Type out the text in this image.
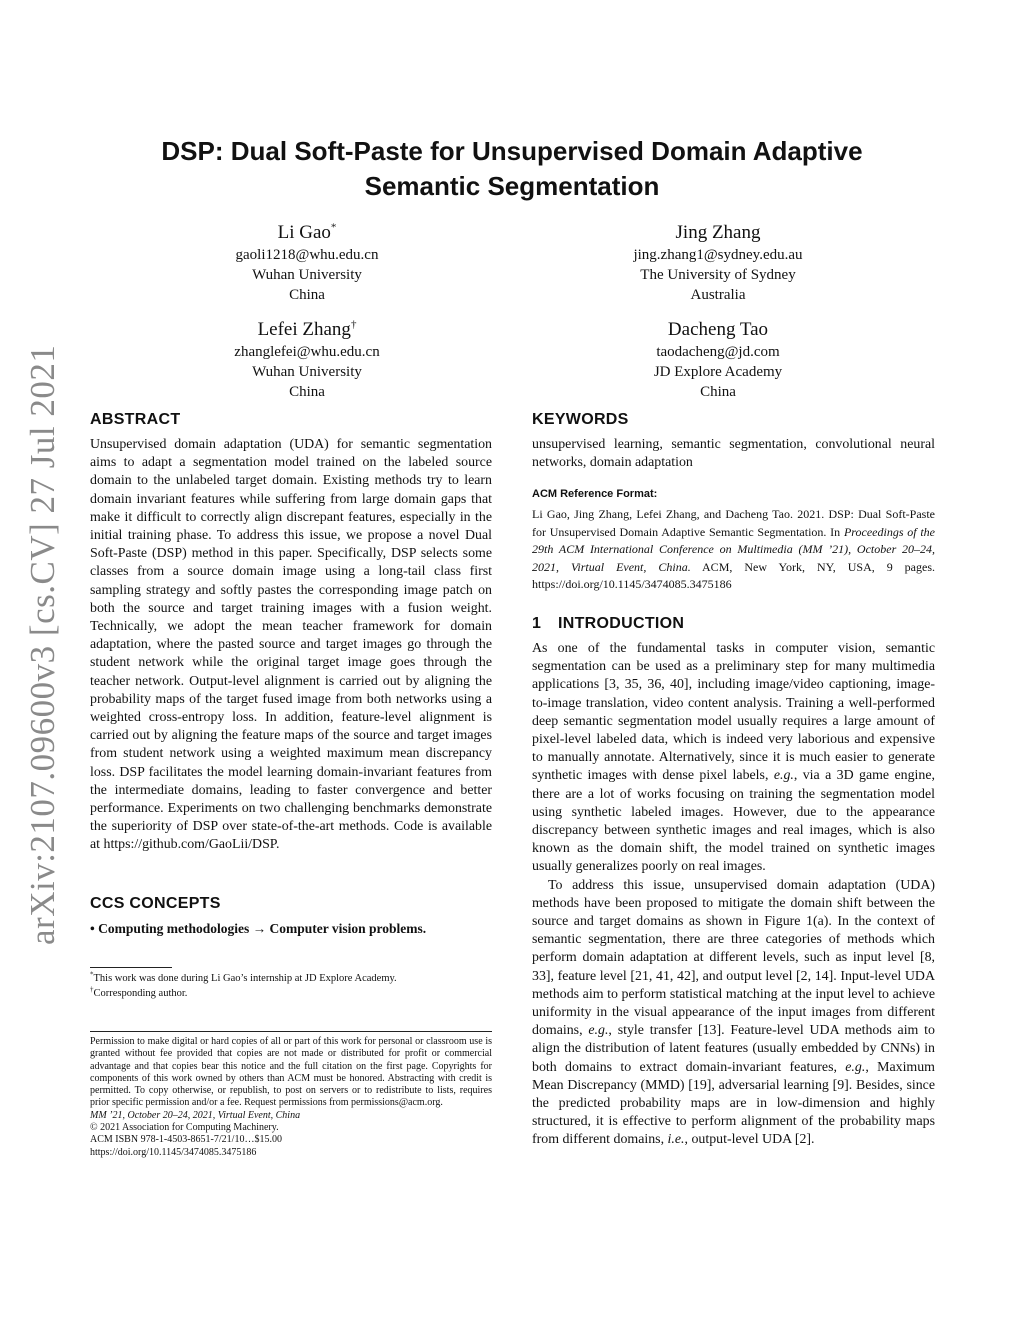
arXiv:2107.09600v3 [cs.CV] 27 Jul 2021
DSP: Dual Soft-Paste for Unsupervised Domain Adaptive
Semantic Segmentation
Li Gao*
gaoli1218@whu.edu.cn
Wuhan University
China
Jing Zhang
jing.zhang1@sydney.edu.au
The University of Sydney
Australia
Lefei Zhang†
zhanglefei@whu.edu.cn
Wuhan University
China
Dacheng Tao
taodacheng@jd.com
JD Explore Academy
China
ABSTRACT

Unsupervised domain adaptation (UDA) for semantic segmentation aims to adapt a segmentation model trained on the labeled source domain to the unlabeled target domain. Existing methods try to learn domain invariant features while suffering from large domain gaps that make it difficult to correctly align discrepant features, especially in the initial training phase. To address this issue, we propose a novel Dual Soft-Paste (DSP) method in this paper. Specifically, DSP selects some classes from a source domain image using a long-tail class first sampling strategy and softly pastes the corresponding image patch on both the source and target training images with a fusion weight. Technically, we adopt the mean teacher framework for domain adaptation, where the pasted source and target images go through the student network while the original target image goes through the teacher network. Output-level alignment is carried out by aligning the probability maps of the target fused image from both networks using a weighted cross-entropy loss. In addition, feature-level alignment is carried out by aligning the feature maps of the source and target images from student network using a weighted maximum mean discrepancy loss. DSP facilitates the model learning domain-invariant features from the intermediate domains, leading to faster convergence and better performance. Experiments on two challenging benchmarks demonstrate the superiority of DSP over state-of-the-art methods. Code is available at https://github.com/GaoLii/DSP.

CCS CONCEPTS
• Computing methodologies → Computer vision problems.
*This work was done during Li Gao’s internship at JD Explore Academy.
†Corresponding author.
Permission to make digital or hard copies of all or part of this work for personal or classroom use is granted without fee provided that copies are not made or distributed for profit or commercial advantage and that copies bear this notice and the full citation on the first page. Copyrights for components of this work owned by others than ACM must be honored. Abstracting with credit is permitted. To copy otherwise, or republish, to post on servers or to redistribute to lists, requires prior specific permission and/or a fee. Request permissions from permissions@acm.org.
MM ’21, October 20–24, 2021, Virtual Event, China
© 2021 Association for Computing Machinery.
ACM ISBN 978-1-4503-8651-7/21/10…$15.00
https://doi.org/10.1145/3474085.3475186
KEYWORDS

unsupervised learning, semantic segmentation, convolutional neural networks, domain adaptation

ACM Reference Format:
Li Gao, Jing Zhang, Lefei Zhang, and Dacheng Tao. 2021. DSP: Dual Soft-Paste for Unsupervised Domain Adaptive Semantic Segmentation. In Proceedings of the 29th ACM International Conference on Multimedia (MM ’21), October 20–24, 2021, Virtual Event, China. ACM, New York, NY, USA, 9 pages. https://doi.org/10.1145/3474085.3475186
1 INTRODUCTION

As one of the fundamental tasks in computer vision, semantic segmentation can be used as a preliminary step for many multimedia applications [3, 35, 36, 40], including image/video captioning, image-to-image translation, video content analysis. Training a well-performed deep semantic segmentation model usually requires a large amount of pixel-level labeled data, which is indeed very laborious and expensive to manually annotate. Alternatively, since it is much easier to generate synthetic images with dense pixel labels, e.g., via a 3D game engine, there are a lot of works focusing on training the segmentation model using synthetic labeled images. However, due to the appearance discrepancy between synthetic images and real images, which is also known as the domain shift, the model trained on synthetic images usually generalizes poorly on real images.

To address this issue, unsupervised domain adaptation (UDA) methods have been proposed to mitigate the domain shift between the source and target domains as shown in Figure 1(a). In the context of semantic segmentation, there are three categories of methods which perform domain adaptation at different levels, such as input level [8, 33], feature level [21, 41, 42], and output level [2, 14]. Input-level UDA methods aim to perform statistical matching at the input level to achieve uniformity in the visual appearance of the input images from different domains, e.g., style transfer [13]. Feature-level UDA methods aim to align the distribution of latent features (usually embedded by CNNs) in both domains to extract domain-invariant features, e.g., Maximum Mean Discrepancy (MMD) [19], adversarial learning [9]. Besides, since the predicted probability maps are in low-dimension and highly structured, it is effective to perform alignment of the probability maps from different domains, i.e., output-level UDA [2].
